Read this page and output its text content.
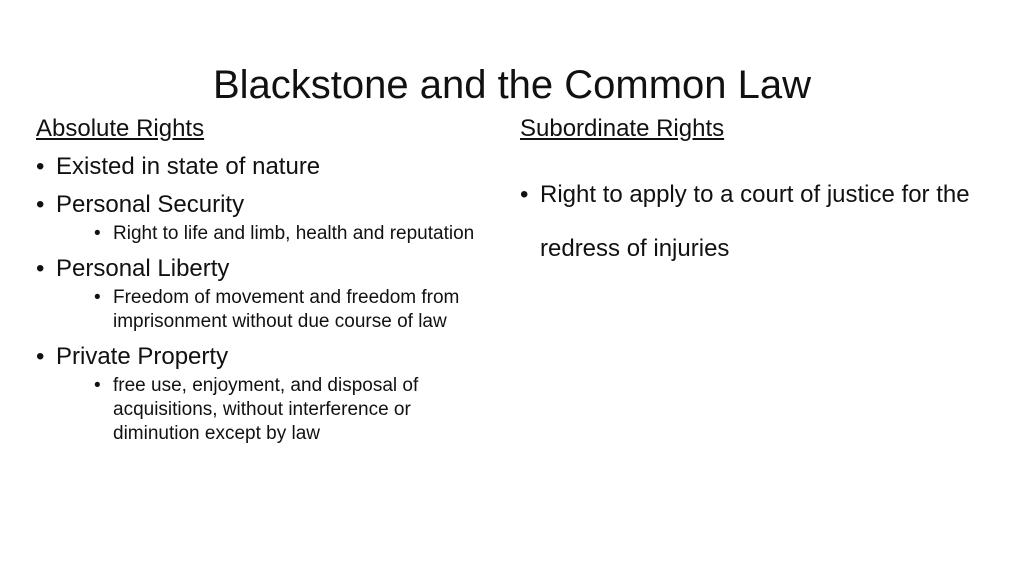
Blackstone and the Common Law
Absolute Rights
• Existed in state of nature
• Personal Security
• Right to life and limb, health and reputation
• Personal Liberty
• Freedom of movement and freedom from imprisonment without due course of law
• Private Property
• free use, enjoyment, and disposal of acquisitions, without interference or diminution except by law
Subordinate Rights
• Right to apply to a court of justice for the redress of injuries
